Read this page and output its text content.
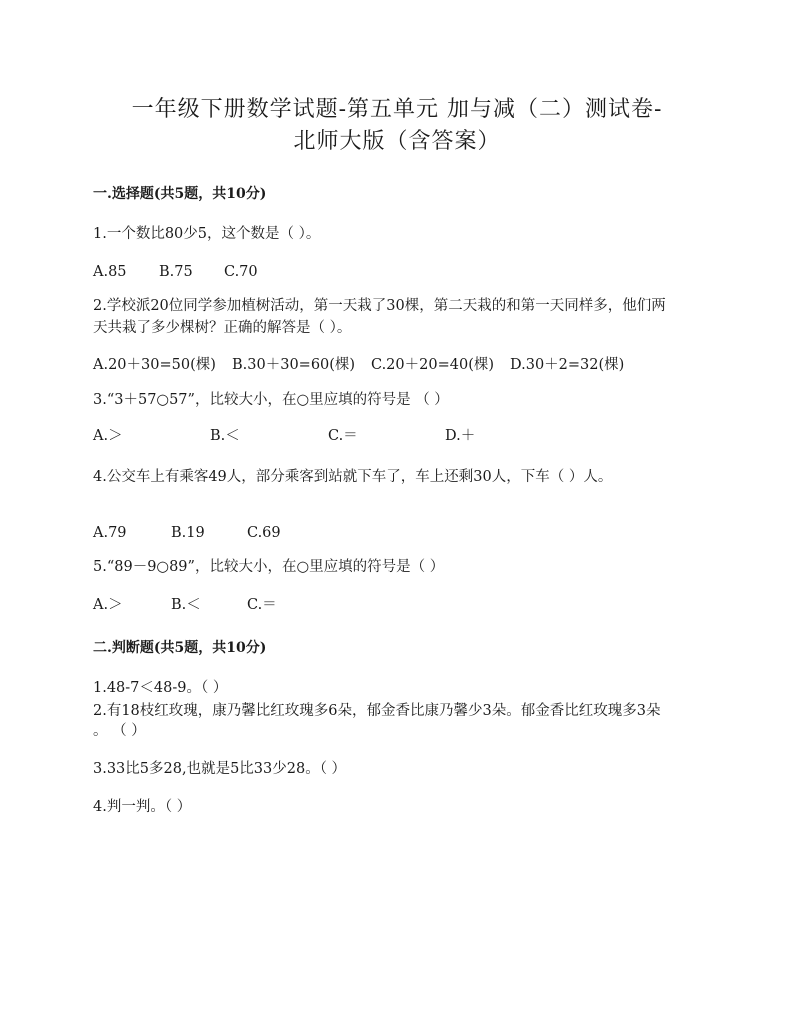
一年级下册数学试题-第五单元 加与减（二）测试卷-
北师大版（含答案）
一.选择题(共5题，共10分)
1.一个数比80少5，这个数是（ ）。
A.85 B.75 C.70
2.学校派20位同学参加植树活动，第一天栽了30棵，第二天栽的和第一天同样多，他们两
天共栽了多少棵树？正确的解答是（ ）。
A.20＋30=50(棵) B.30＋30=60(棵) C.20＋20=40(棵) D.30＋2=32(棵)
3.“3＋57○57”，比较大小，在○里应填的符号是 （ ）
A.＞	B.＜	C.＝	D.＋
4.公交车上有乘客49人，部分乘客到站就下车了，车上还剩30人，下车（ ）人。
A.79	B.19	C.69
5.“89－9○89”，比较大小，在○里应填的符号是（ ）
A.＞	B.＜	C.＝
二.判断题(共5题，共10分)
1.48-7＜48-9。（ ）
2.有18枝红玫瑰，康乃馨比红玫瑰多6朵，郁金香比康乃馨少3朵。郁金香比红玫瑰多3朵
。 （ ）
3.33比5多28,也就是5比33少28。（ ）
4.判一判。（ ）
